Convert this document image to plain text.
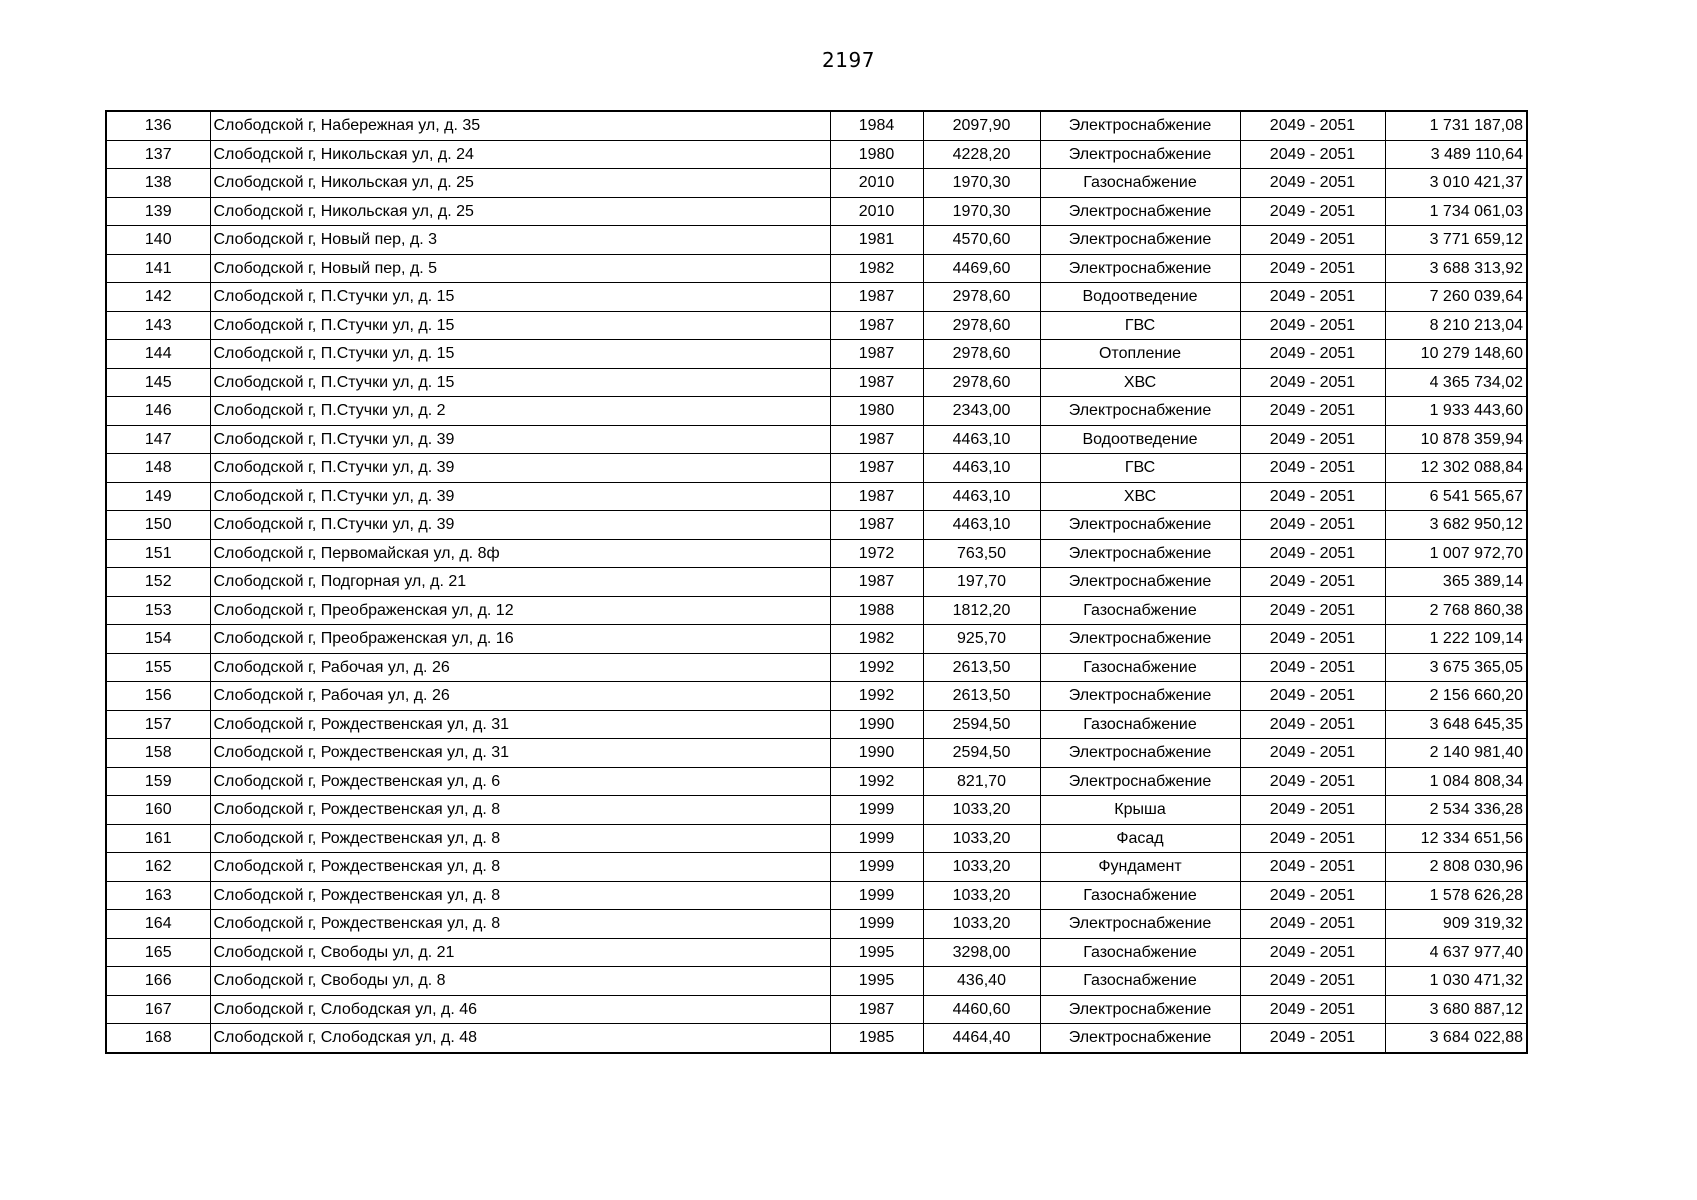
2197
136	Слободской г, Набережная ул, д. 35	1984	2097,90	Электроснабжение	2049 - 2051	1 731 187,08
137	Слободской г, Никольская ул, д. 24	1980	4228,20	Электроснабжение	2049 - 2051	3 489 110,64
138	Слободской г, Никольская ул, д. 25	2010	1970,30	Газоснабжение	2049 - 2051	3 010 421,37
139	Слободской г, Никольская ул, д. 25	2010	1970,30	Электроснабжение	2049 - 2051	1 734 061,03
140	Слободской г, Новый пер, д. 3	1981	4570,60	Электроснабжение	2049 - 2051	3 771 659,12
141	Слободской г, Новый пер, д. 5	1982	4469,60	Электроснабжение	2049 - 2051	3 688 313,92
142	Слободской г, П.Стучки ул, д. 15	1987	2978,60	Водоотведение	2049 - 2051	7 260 039,64
143	Слободской г, П.Стучки ул, д. 15	1987	2978,60	ГВС	2049 - 2051	8 210 213,04
144	Слободской г, П.Стучки ул, д. 15	1987	2978,60	Отопление	2049 - 2051	10 279 148,60
145	Слободской г, П.Стучки ул, д. 15	1987	2978,60	ХВС	2049 - 2051	4 365 734,02
146	Слободской г, П.Стучки ул, д. 2	1980	2343,00	Электроснабжение	2049 - 2051	1 933 443,60
147	Слободской г, П.Стучки ул, д. 39	1987	4463,10	Водоотведение	2049 - 2051	10 878 359,94
148	Слободской г, П.Стучки ул, д. 39	1987	4463,10	ГВС	2049 - 2051	12 302 088,84
149	Слободской г, П.Стучки ул, д. 39	1987	4463,10	ХВС	2049 - 2051	6 541 565,67
150	Слободской г, П.Стучки ул, д. 39	1987	4463,10	Электроснабжение	2049 - 2051	3 682 950,12
151	Слободской г, Первомайская ул, д. 8ф	1972	763,50	Электроснабжение	2049 - 2051	1 007 972,70
152	Слободской г, Подгорная ул, д. 21	1987	197,70	Электроснабжение	2049 - 2051	365 389,14
153	Слободской г, Преображенская ул, д. 12	1988	1812,20	Газоснабжение	2049 - 2051	2 768 860,38
154	Слободской г, Преображенская ул, д. 16	1982	925,70	Электроснабжение	2049 - 2051	1 222 109,14
155	Слободской г, Рабочая ул, д. 26	1992	2613,50	Газоснабжение	2049 - 2051	3 675 365,05
156	Слободской г, Рабочая ул, д. 26	1992	2613,50	Электроснабжение	2049 - 2051	2 156 660,20
157	Слободской г, Рождественская ул, д. 31	1990	2594,50	Газоснабжение	2049 - 2051	3 648 645,35
158	Слободской г, Рождественская ул, д. 31	1990	2594,50	Электроснабжение	2049 - 2051	2 140 981,40
159	Слободской г, Рождественская ул, д. 6	1992	821,70	Электроснабжение	2049 - 2051	1 084 808,34
160	Слободской г, Рождественская ул, д. 8	1999	1033,20	Крыша	2049 - 2051	2 534 336,28
161	Слободской г, Рождественская ул, д. 8	1999	1033,20	Фасад	2049 - 2051	12 334 651,56
162	Слободской г, Рождественская ул, д. 8	1999	1033,20	Фундамент	2049 - 2051	2 808 030,96
163	Слободской г, Рождественская ул, д. 8	1999	1033,20	Газоснабжение	2049 - 2051	1 578 626,28
164	Слободской г, Рождественская ул, д. 8	1999	1033,20	Электроснабжение	2049 - 2051	909 319,32
165	Слободской г, Свободы ул, д. 21	1995	3298,00	Газоснабжение	2049 - 2051	4 637 977,40
166	Слободской г, Свободы ул, д. 8	1995	436,40	Газоснабжение	2049 - 2051	1 030 471,32
167	Слободской г, Слободская ул, д. 46	1987	4460,60	Электроснабжение	2049 - 2051	3 680 887,12
168	Слободской г, Слободская ул, д. 48	1985	4464,40	Электроснабжение	2049 - 2051	3 684 022,88
